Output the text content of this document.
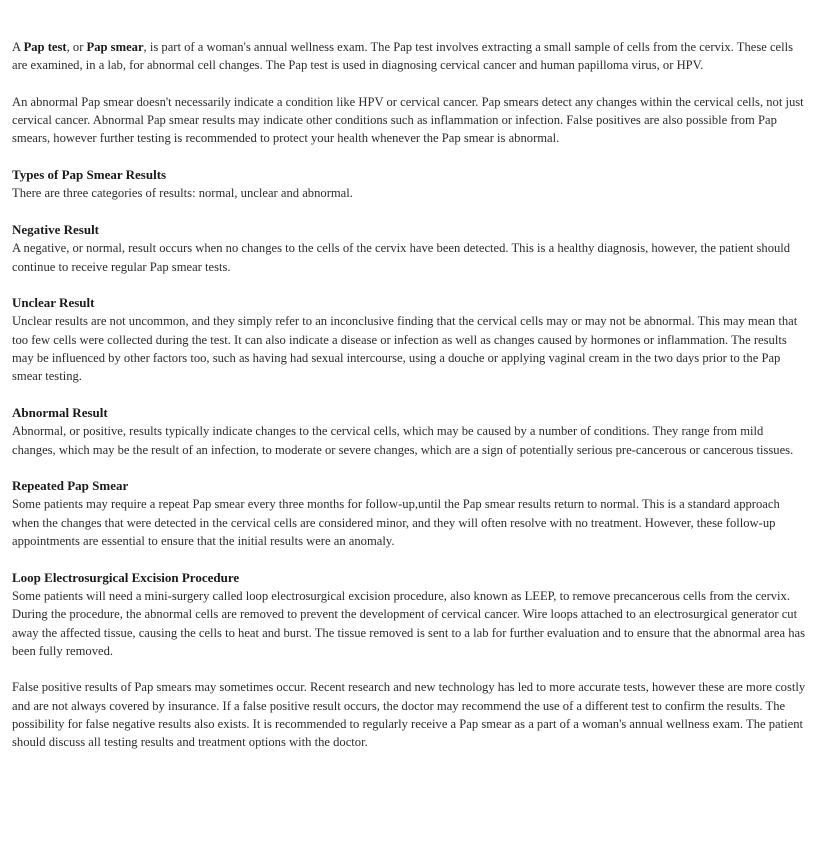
A Pap test, or Pap smear, is part of a woman's annual wellness exam. The Pap test involves extracting a small sample of cells from the cervix. These cells are examined, in a lab, for abnormal cell changes. The Pap test is used in diagnosing cervical cancer and human papilloma virus, or HPV.

An abnormal Pap smear doesn't necessarily indicate a condition like HPV or cervical cancer. Pap smears detect any changes within the cervical cells, not just cervical cancer. Abnormal Pap smear results may indicate other conditions such as inflammation or infection. False positives are also possible from Pap smears, however further testing is recommended to protect your health whenever the Pap smear is abnormal.

Types of Pap Smear Results

There are three categories of results: normal, unclear and abnormal.

Negative Result

A negative, or normal, result occurs when no changes to the cells of the cervix have been detected. This is a healthy diagnosis, however, the patient should continue to receive regular Pap smear tests.

Unclear Result

Unclear results are not uncommon, and they simply refer to an inconclusive finding that the cervical cells may or may not be abnormal. This may mean that too few cells were collected during the test. It can also indicate a disease or infection as well as changes caused by hormones or inflammation. The results may be influenced by other factors too, such as having had sexual intercourse, using a douche or applying vaginal cream in the two days prior to the Pap smear testing.

Abnormal Result

Abnormal, or positive, results typically indicate changes to the cervical cells, which may be caused by a number of conditions. They range from mild changes, which may be the result of an infection, to moderate or severe changes, which are a sign of potentially serious pre-cancerous or cancerous tissues.

Repeated Pap Smear

Some patients may require a repeat Pap smear every three months for follow-up,until the Pap smear results return to normal. This is a standard approach when the changes that were detected in the cervical cells are considered minor, and they will often resolve with no treatment. However, these follow-up appointments are essential to ensure that the initial results were an anomaly.

Loop Electrosurgical Excision Procedure

Some patients will need a mini-surgery called loop electrosurgical excision procedure, also known as LEEP, to remove precancerous cells from the cervix. During the procedure, the abnormal cells are removed to prevent the development of cervical cancer. Wire loops attached to an electrosurgical generator cut away the affected tissue, causing the cells to heat and burst. The tissue removed is sent to a lab for further evaluation and to ensure that the abnormal area has been fully removed.

False positive results of Pap smears may sometimes occur. Recent research and new technology has led to more accurate tests, however these are more costly and are not always covered by insurance. If a false positive result occurs, the doctor may recommend the use of a different test to confirm the results. The possibility for false negative results also exists. It is recommended to regularly receive a Pap smear as a part of a woman's annual wellness exam. The patient should discuss all testing results and treatment options with the doctor.
